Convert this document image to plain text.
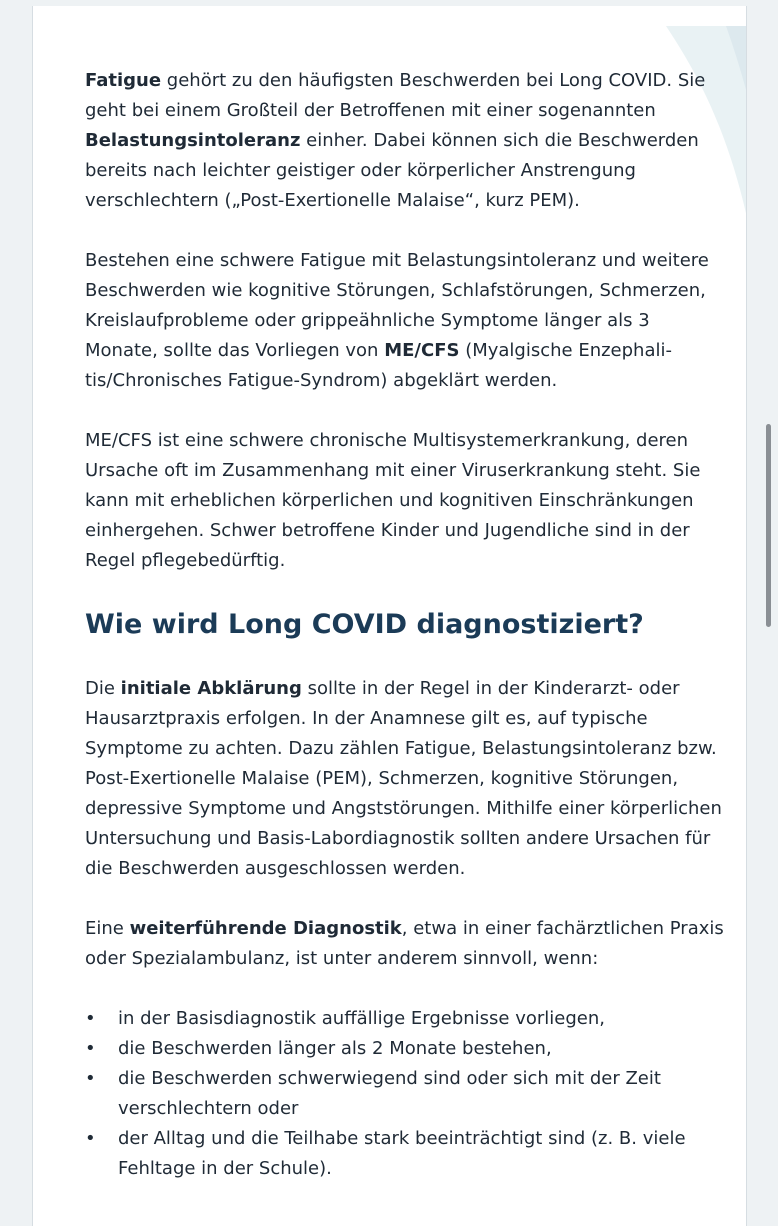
Fatigue gehört zu den häufigsten Beschwerden bei Long COVID. Sie geht bei einem Großteil der Betroffenen mit einer sogenannten Belastungsintoleranz einher. Dabei können sich die Beschwerden bereits nach leichter geistiger oder körperlicher Anstrengung verschlechtern („Post-Exertionelle Malaise“, kurz PEM).

Bestehen eine schwere Fatigue mit Belastungsintoleranz und weitere Beschwerden wie kognitive Störungen, Schlafstörungen, Schmerzen, Kreislaufprobleme oder grippeähnliche Symptome länger als 3 Monate, sollte das Vorliegen von ME/CFS (Myalgische Enzephalitis/Chronisches Fatigue-Syndrom) abgeklärt werden.

ME/CFS ist eine schwere chronische Multisystemerkrankung, deren Ursache oft im Zusammenhang mit einer Viruserkrankung steht. Sie kann mit erheblichen körperlichen und kognitiven Einschränkungen einhergehen. Schwer betroffene Kinder und Jugendliche sind in der Regel pflegebedürftig.

Wie wird Long COVID diagnostiziert?

Die initiale Abklärung sollte in der Regel in der Kinderarzt- oder Hausarztpraxis erfolgen. In der Anamnese gilt es, auf typische Symptome zu achten. Dazu zählen Fatigue, Belastungsintoleranz bzw. Post-Exertionelle Malaise (PEM), Schmerzen, kognitive Störungen, depressive Symptome und Angststörungen. Mithilfe einer körperlichen Untersuchung und Basis-Labordiagnostik sollten andere Ursachen für die Beschwerden ausgeschlossen werden.

Eine weiterführende Diagnostik, etwa in einer fachärztlichen Praxis oder Spezialambulanz, ist unter anderem sinnvoll, wenn:

• in der Basisdiagnostik auffällige Ergebnisse vorliegen,
• die Beschwerden länger als 2 Monate bestehen,
• die Beschwerden schwerwiegend sind oder sich mit der Zeit verschlechtern oder
• der Alltag und die Teilhabe stark beeinträchtigt sind (z. B. viele Fehltage in der Schule).
